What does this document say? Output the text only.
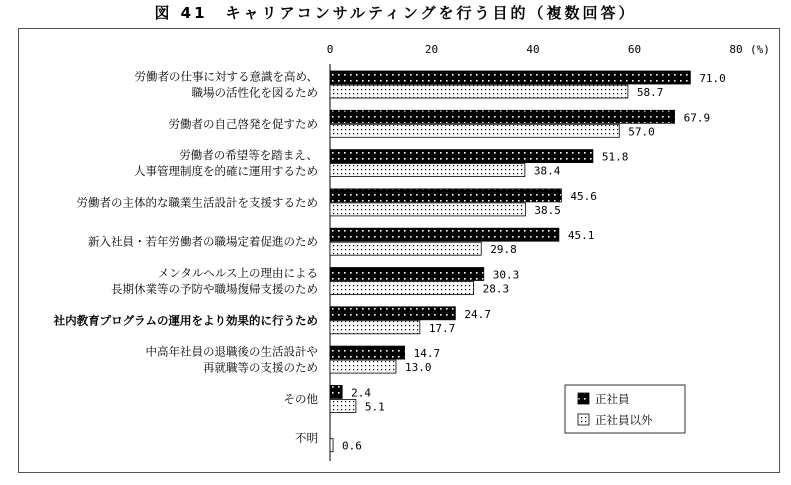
図 41　キャリアコンサルティングを行う目的（複数回答）
0	20	40	60	80 (%)
労働者の仕事に対する意識を高め、
職場の活性化を図るため
71.0
58.7
労働者の自己啓発を促すため	67.9
57.0
労働者の希望等を踏まえ、
人事管理制度を的確に運用するため
51.8
38.4
労働者の主体的な職業生活設計を支援するため	45.6
38.5
新入社員・若年労働者の職場定着促進のため	45.1
29.8
メンタルヘルス上の理由による
長期休業等の予防や職場復帰支援のため
30.3
28.3
社内教育プログラムの運用をより効果的に行うため	24.7
17.7
中高年社員の退職後の生活設計や
再就職等の支援のため
14.7
13.0
その他	2.4
5.1
不明
0.6
正社員
正社員以外
